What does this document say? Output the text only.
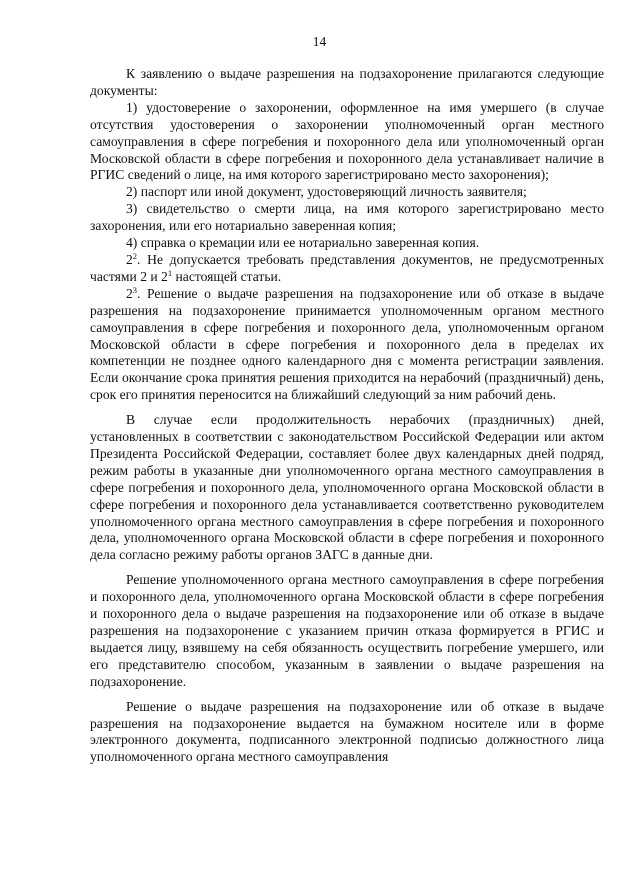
14

К заявлению о выдаче разрешения на подзахоронение прилагаются следующие документы:

1) удостоверение о захоронении, оформленное на имя умершего (в случае отсутствия удостоверения о захоронении уполномоченный орган местного самоуправления в сфере погребения и похоронного дела или уполномоченный орган Московской области в сфере погребения и похоронного дела устанавливает наличие в РГИС сведений о лице, на имя которого зарегистрировано место захоронения);

2) паспорт или иной документ, удостоверяющий личность заявителя;

3) свидетельство о смерти лица, на имя которого зарегистрировано место захоронения, или его нотариально заверенная копия;

4) справка о кремации или ее нотариально заверенная копия.

$2^2$. Не допускается требовать представления документов, не предусмотренных частями 2 и $2^1$ настоящей статьи.

$2^3$. Решение о выдаче разрешения на подзахоронение или об отказе в выдаче разрешения на подзахоронение принимается уполномоченным органом местного самоуправления в сфере погребения и похоронного дела, уполномоченным органом Московской области в сфере погребения и похоронного дела в пределах их компетенции не позднее одного календарного дня с момента регистрации заявления. Если окончание срока принятия решения приходится на нерабочий (праздничный) день, срок его принятия переносится на ближайший следующий за ним рабочий день.

В случае если продолжительность нерабочих (праздничных) дней, установленных в соответствии с законодательством Российской Федерации или актом Президента Российской Федерации, составляет более двух календарных дней подряд, режим работы в указанные дни уполномоченного органа местного самоуправления в сфере погребения и похоронного дела, уполномоченного органа Московской области в сфере погребения и похоронного дела устанавливается соответственно руководителем уполномоченного органа местного самоуправления в сфере погребения и похоронного дела, уполномоченного органа Московской области в сфере погребения и похоронного дела согласно режиму работы органов ЗАГС в данные дни.

Решение уполномоченного органа местного самоуправления в сфере погребения и похоронного дела, уполномоченного органа Московской области в сфере погребения и похоронного дела о выдаче разрешения на подзахоронение или об отказе в выдаче разрешения на подзахоронение с указанием причин отказа формируется в РГИС и выдается лицу, взявшему на себя обязанность осуществить погребение умершего, или его представителю способом, указанным в заявлении о выдаче разрешения на подзахоронение.

Решение о выдаче разрешения на подзахоронение или об отказе в выдаче разрешения на подзахоронение выдается на бумажном носителе или в форме электронного документа, подписанного электронной подписью должностного лица уполномоченного органа местного самоуправления
